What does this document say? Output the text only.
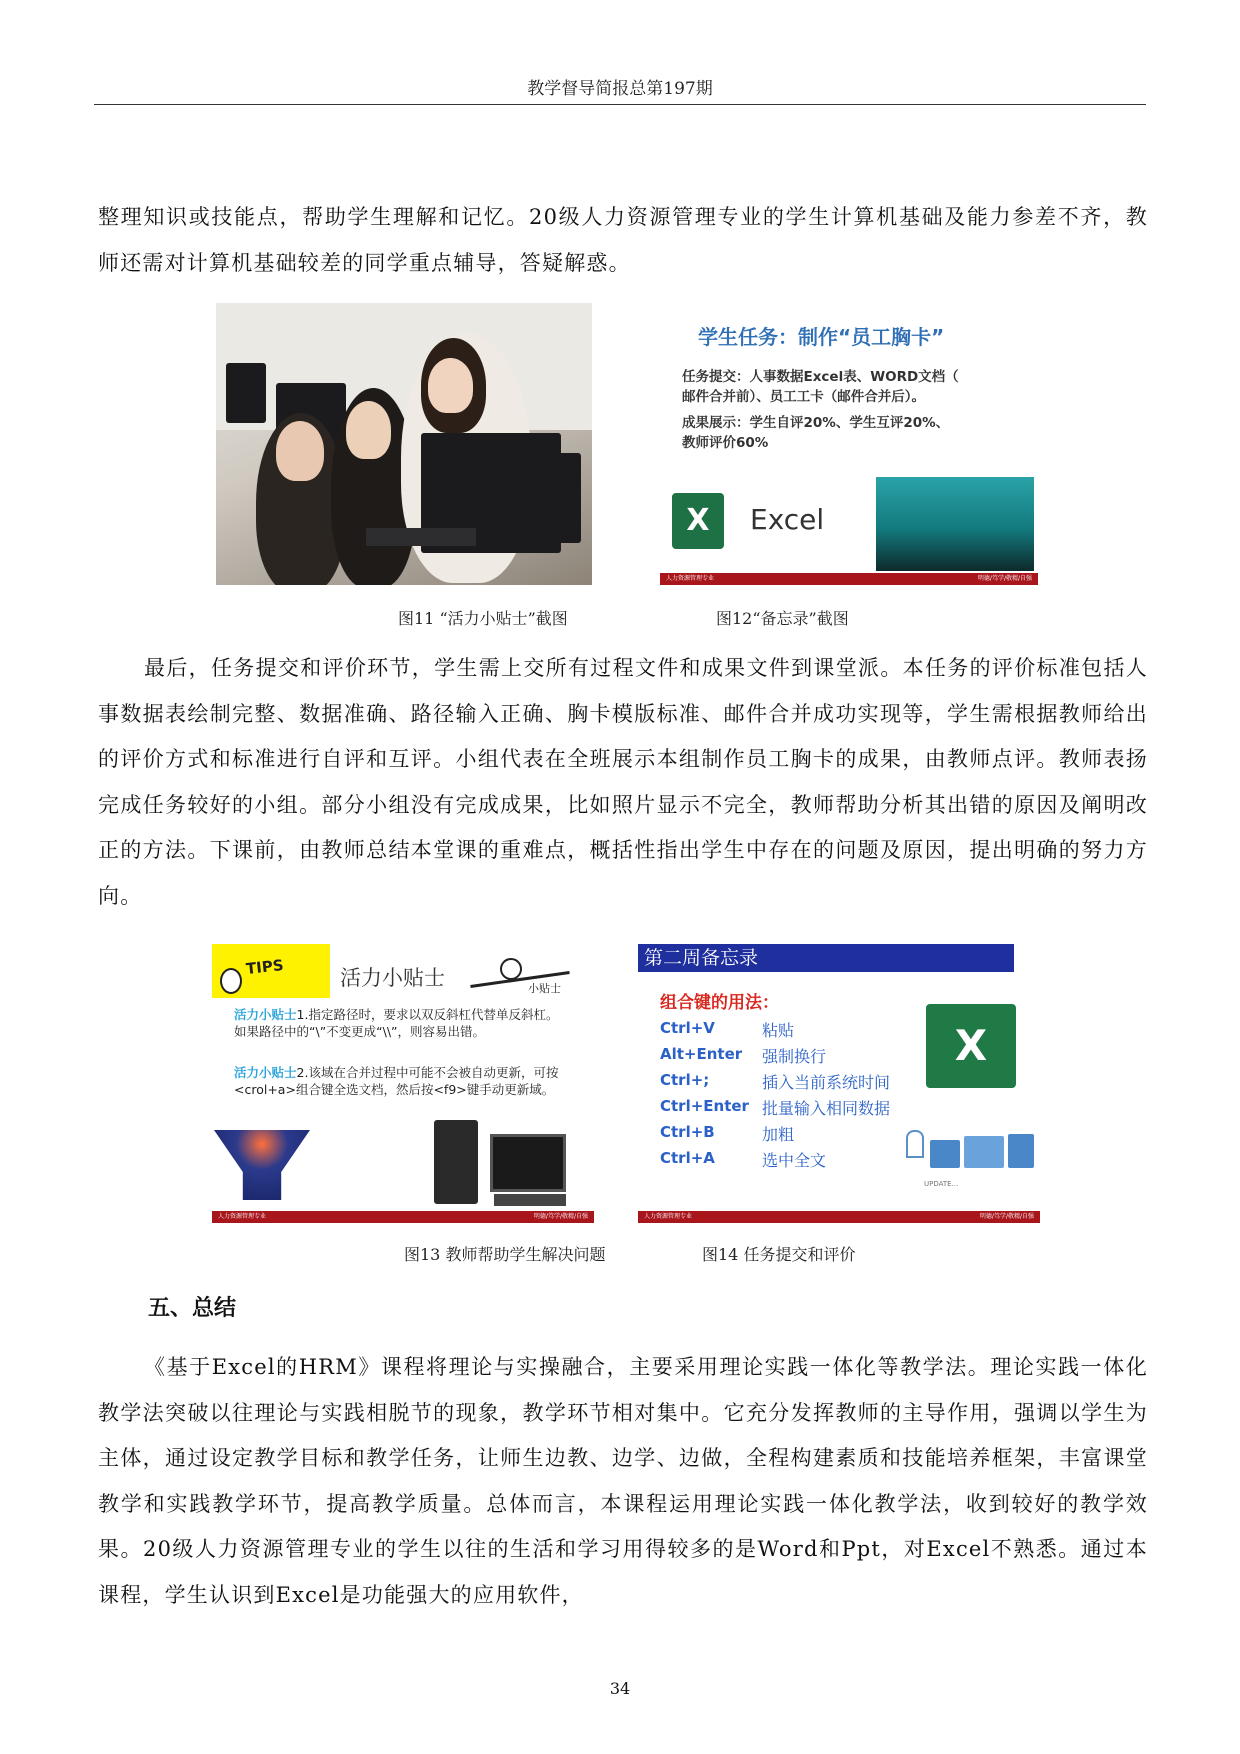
教学督导简报总第197期
整理知识或技能点，帮助学生理解和记忆。20级人力资源管理专业的学生计算机基础及能力参差不齐，教师还需对计算机基础较差的同学重点辅导，答疑解惑。
学生任务：制作“员工胸卡”
任务提交：人事数据Excel表、WORD文档（
邮件合并前）、员工工卡（邮件合并后）。
成果展示：学生自评20%、学生互评20%、
教师评价60%
X	Excel
人力资源管理专业	明德/笃学/敬精/自强
图11 “活力小贴士”截图	图12“备忘录”截图
最后，任务提交和评价环节，学生需上交所有过程文件和成果文件到课堂派。本任务的评价标准包括人事数据表绘制完整、数据准确、路径输入正确、胸卡模版标准、邮件合并成功实现等，学生需根据教师给出的评价方式和标准进行自评和互评。小组代表在全班展示本组制作员工胸卡的成果，由教师点评。教师表扬完成任务较好的小组。部分小组没有完成成果，比如照片显示不完全，教师帮助分析其出错的原因及阐明改正的方法。下课前，由教师总结本堂课的重难点，概括性指出学生中存在的问题及原因，提出明确的努力方向。
TIPS	活力小贴士	小贴士
活力小贴士1.指定路径时，要求以双反斜杠代替单反斜杠。如果路径中的“\”不变更成“\\”，则容易出错。
活力小贴士2.该域在合并过程中可能不会被自动更新，可按<crol+a>组合键全选文档，然后按<f9>键手动更新域。
人力资源管理专业	明德/笃学/敬精/自强
第二周备忘录
组合键的用法：
Ctrl+V	粘贴
Alt+Enter 强制换行
Ctrl+;	插入当前系统时间
Ctrl+Enter 批量输入相同数据
Ctrl+B	加粗
Ctrl+A	选中全文
X
UPDATE...
人力资源管理专业	明德/笃学/敬精/自强
图13 教师帮助学生解决问题	图14 任务提交和评价
五、总结
《基于Excel的HRM》课程将理论与实操融合，主要采用理论实践一体化等教学法。理论实践一体化教学法突破以往理论与实践相脱节的现象，教学环节相对集中。它充分发挥教师的主导作用，强调以学生为主体，通过设定教学目标和教学任务，让师生边教、边学、边做，全程构建素质和技能培养框架，丰富课堂教学和实践教学环节，提高教学质量。总体而言，本课程运用理论实践一体化教学法，收到较好的教学效果。20级人力资源管理专业的学生以往的生活和学习用得较多的是Word和Ppt，对Excel不熟悉。通过本课程，学生认识到Excel是功能强大的应用软件，
34
